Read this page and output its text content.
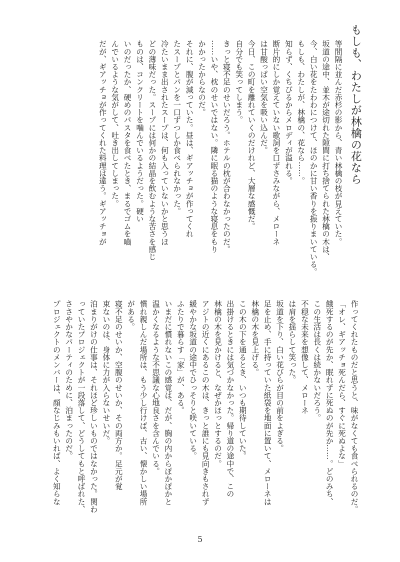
もしも、わたしが林檎の花なら

等間隔に並んだ赤杉の影から、青い林檎の枝が見えていた。

坂道の途中、並木が途切れた隙間に打ち捨てられた林檎の木は、

今、白い花をたわわにつけて、ほのかに甘い香りを振りまいている。

もしも、わたしが、林檎の、花なら……。

知らず、くちびるからメロディが溢れる。

断片的にしか覚えていない歌詞を口ずさみながら、メローネ

は甘酸っぱい空気を吸い込んだ。

今日、この町を離れていくのだけれど、大層な感慨だ。

自分でも笑ってしまう。

きっと寝不足のせいだろう。ホテルの枕が合わなかったのだ。

……いや、枕のせいではない。隣に眠る猫のような寝息をもり

かかったからなのだ。

それに、腹が減っていた。昼は、ギアッチョが作ってくれ

たスープとパンを一口ずつしか食べられなかった。

冷たいまま出されたスープは、何も入っていないかと思うほ

どの薄味だった。スープには何かの結晶を飲むような苦さを感じ

ものは、コンクリートを噛んでいるようだった。硬い

いのだったか、硬めのパスタを食べたとき、まるでゴムを嚙

んでいるような気がして、吐き出してしまった。

だが、ギアッチョが作ってくれた料理は違う。ギアッチョが

作ってくれたものだと思うと、味がなくても食べられるのだ。

「オレ、ギアッチョ死んだら、すぐに死ぬよな」

餓死するのが先か、眠れずに死ぬのが先か……。どのみち、

この生活は長くは続かないだろう。

不穏な未来を想像して、メローネ

は肩を揺らして笑った。

坂道を下り、白い花びらが目の前をよぎる。

足を止め、手に持っていた紙袋を地面に置いて、メローネは

林檎の木を見上げる。

この木の下を通るとき、いつも期待していた。

出掛けるときには気づかなかった。帰り道の途中で、この

林檎の木を見かけると、なぜかほっとするのだ。

アジトの近くにあるこの木は、きっと誰にも見向きもされず

緩やかな坂道の途中でひっそりと咲いている。

ふたりで暮らす「家」が、ある。

いまだに慣れないこの感覚は、だが、胸の内からぽかぽかと

温かくなるような不思議な心地良さを含んでいる。

慣れ親しんだ場所は、もう少し行けば、古い、懐かしい場所

がある。

寝不足のせいか、空腹のせいか、その両方か。足元が覚

束ないのは、身体に力が入らないせいだ。

泊まりがけの仕事は、それほど珍しいものではなかった。関わ

っていたプロジェクトが一段落して、どうしてもと呼ばれた、

ささやかなパーティのために、泊まったのだ。

プロジェクトのメンバーは、顔なじみもいれば、よく知らな

5
